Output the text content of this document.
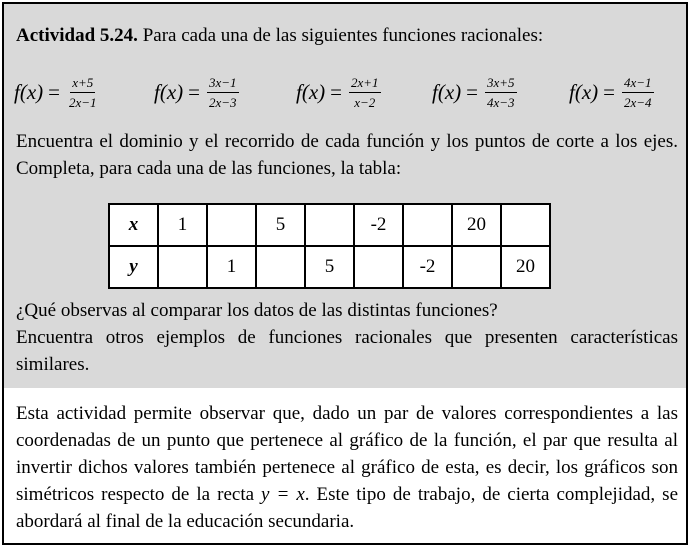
Actividad 5.24. Para cada una de las siguientes funciones racionales:
$f(x) = \frac{x+5}{2x-1}$	$f(x) = \frac{3x-1}{2x-3}$	$f(x) = \frac{2x+1}{x-2} f(x) = \frac{3x+5}{4x-3} f(x) = \frac{4x-1}{2x-4}$
Encuentra el dominio y el recorrido de cada función y los puntos de corte a los ejes. Completa, para cada una de las funciones, la tabla:
x	1		5		-2		20	
y		1		5		-2		20
¿Qué observas al comparar los datos de las distintas funciones?
Encuentra otros ejemplos de funciones racionales que presenten características similares.
Esta actividad permite observar que, dado un par de valores correspondientes a las coordenadas de un punto que pertenece al gráfico de la función, el par que resulta al invertir dichos valores también pertenece al gráfico de esta, es decir, los gráficos son simétricos respecto de la recta y = x. Este tipo de trabajo, de cierta complejidad, se abordará al final de la educación secundaria.
